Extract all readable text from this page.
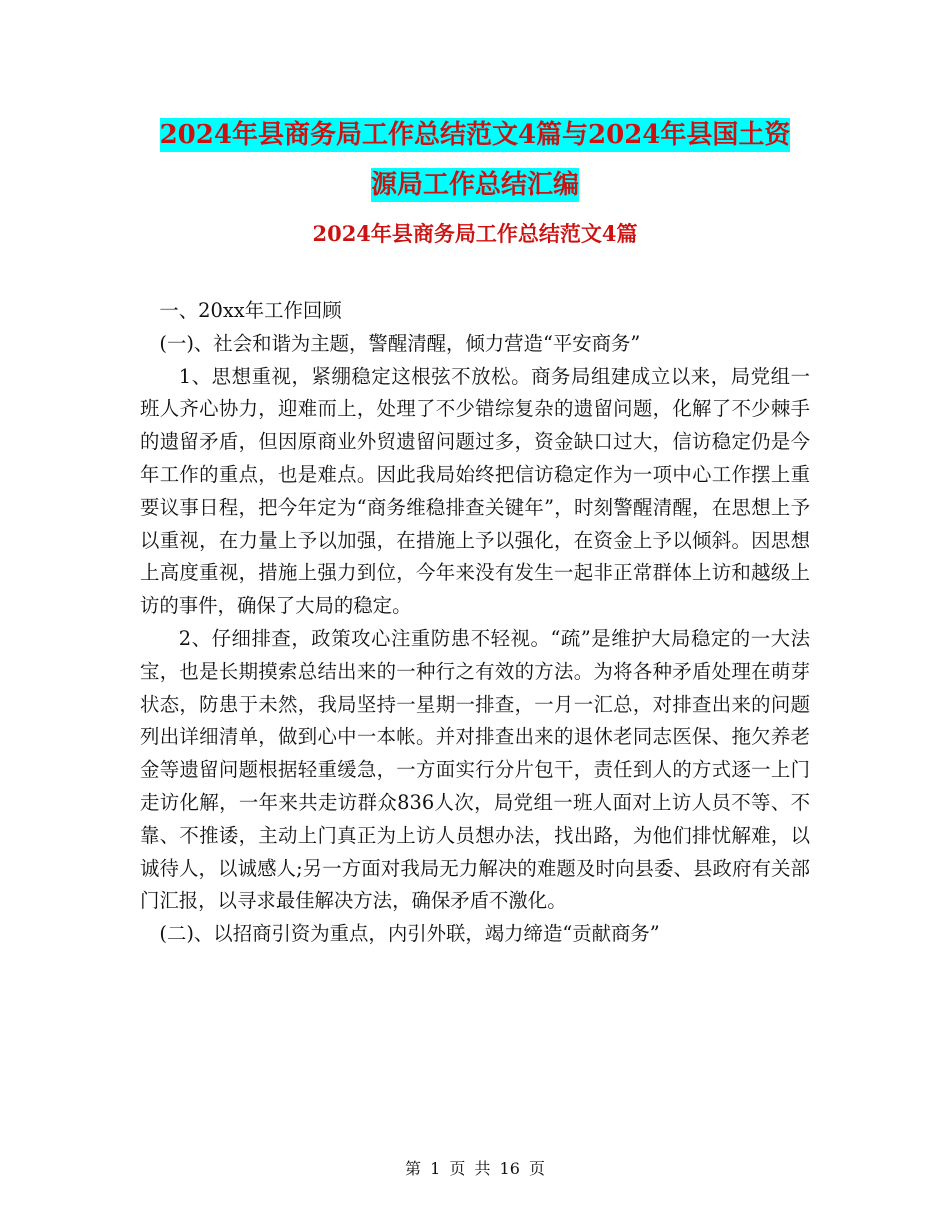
2024年县商务局工作总结范文4篇与2024年县国土资
源局工作总结汇编
2024年县商务局工作总结范文4篇

一、20xx年工作回顾

(一)、社会和谐为主题，警醒清醒，倾力营造“平安商务”

1、思想重视，紧绷稳定这根弦不放松。商务局组建成立以来，局党组一班人齐心协力，迎难而上，处理了不少错综复杂的遗留问题，化解了不少棘手的遗留矛盾，但因原商业外贸遗留问题过多，资金缺口过大，信访稳定仍是今年工作的重点，也是难点。因此我局始终把信访稳定作为一项中心工作摆上重要议事日程，把今年定为“商务维稳排查关键年”，时刻警醒清醒，在思想上予以重视，在力量上予以加强，在措施上予以强化，在资金上予以倾斜。因思想上高度重视，措施上强力到位，今年来没有发生一起非正常群体上访和越级上访的事件，确保了大局的稳定。

2、仔细排查，政策攻心注重防患不轻视。“疏”是维护大局稳定的一大法宝，也是长期摸索总结出来的一种行之有效的方法。为将各种矛盾处理在萌芽状态，防患于未然，我局坚持一星期一排查，一月一汇总，对排查出来的问题列出详细清单，做到心中一本帐。并对排查出来的退休老同志医保、拖欠养老金等遗留问题根据轻重缓急，一方面实行分片包干，责任到人的方式逐一上门走访化解，一年来共走访群众836人次，局党组一班人面对上访人员不等、不靠、不推诿，主动上门真正为上访人员想办法，找出路，为他们排忧解难，以诚待人，以诚感人;另一方面对我局无力解决的难题及时向县委、县政府有关部门汇报，以寻求最佳解决方法，确保矛盾不激化。

(二)、以招商引资为重点，内引外联，竭力缔造“贡献商务”

第 1 页 共 16 页
